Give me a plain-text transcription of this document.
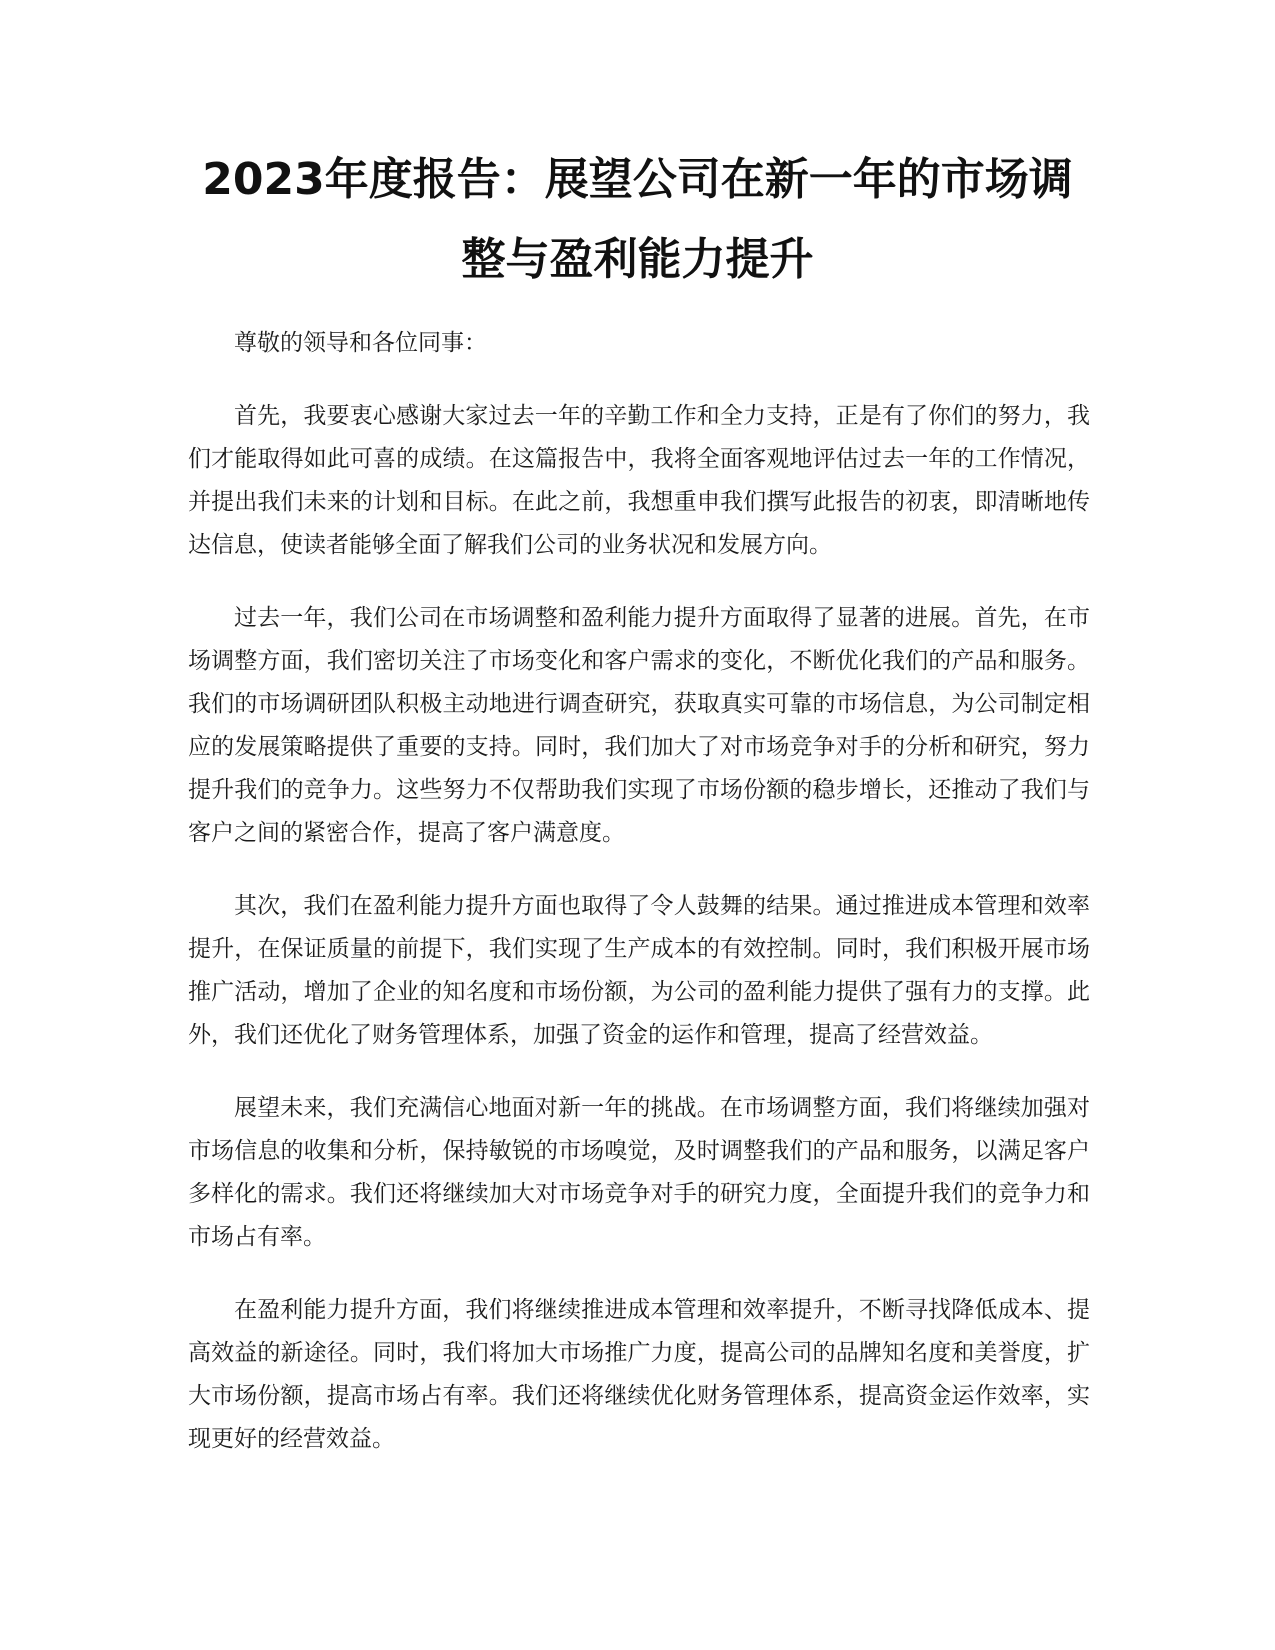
2023年度报告：展望公司在新一年的市场调
整与盈利能力提升

尊敬的领导和各位同事：

首先，我要衷心感谢大家过去一年的辛勤工作和全力支持，正是有了你们的努力，我们才能取得如此可喜的成绩。在这篇报告中，我将全面客观地评估过去一年的工作情况，并提出我们未来的计划和目标。在此之前，我想重申我们撰写此报告的初衷，即清晰地传达信息，使读者能够全面了解我们公司的业务状况和发展方向。

过去一年，我们公司在市场调整和盈利能力提升方面取得了显著的进展。首先，在市场调整方面，我们密切关注了市场变化和客户需求的变化，不断优化我们的产品和服务。我们的市场调研团队积极主动地进行调查研究，获取真实可靠的市场信息，为公司制定相应的发展策略提供了重要的支持。同时，我们加大了对市场竞争对手的分析和研究，努力提升我们的竞争力。这些努力不仅帮助我们实现了市场份额的稳步增长，还推动了我们与客户之间的紧密合作，提高了客户满意度。

其次，我们在盈利能力提升方面也取得了令人鼓舞的结果。通过推进成本管理和效率提升，在保证质量的前提下，我们实现了生产成本的有效控制。同时，我们积极开展市场推广活动，增加了企业的知名度和市场份额，为公司的盈利能力提供了强有力的支撑。此外，我们还优化了财务管理体系，加强了资金的运作和管理，提高了经营效益。

展望未来，我们充满信心地面对新一年的挑战。在市场调整方面，我们将继续加强对市场信息的收集和分析，保持敏锐的市场嗅觉，及时调整我们的产品和服务，以满足客户多样化的需求。我们还将继续加大对市场竞争对手的研究力度，全面提升我们的竞争力和市场占有率。

在盈利能力提升方面，我们将继续推进成本管理和效率提升，不断寻找降低成本、提高效益的新途径。同时，我们将加大市场推广力度，提高公司的品牌知名度和美誉度，扩大市场份额，提高市场占有率。我们还将继续优化财务管理体系，提高资金运作效率，实现更好的经营效益。
